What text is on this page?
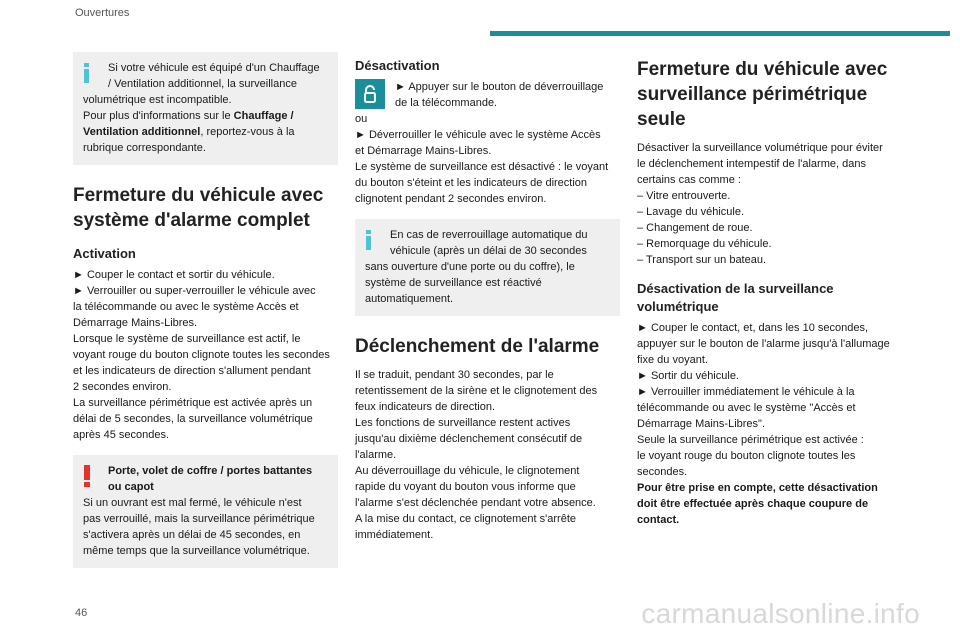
Ouvertures
Si votre véhicule est équipé d'un Chauffage
/ Ventilation additionnel, la surveillance
volumétrique est incompatible.
Pour plus d'informations sur le Chauffage /
Ventilation additionnel, reportez-vous à la
rubrique correspondante.
Fermeture du véhicule avec
système d'alarme complet
Activation
► Couper le contact et sortir du véhicule.
► Verrouiller ou super-verrouiller le véhicule avec
la télécommande ou avec le système Accès et
Démarrage Mains-Libres.
Lorsque le système de surveillance est actif, le
voyant rouge du bouton clignote toutes les secondes
et les indicateurs de direction s'allument pendant
2 secondes environ.
La surveillance périmétrique est activée après un
délai de 5 secondes, la surveillance volumétrique
après 45 secondes.
Porte, volet de coffre / portes battantes
ou capot
Si un ouvrant est mal fermé, le véhicule n'est
pas verrouillé, mais la surveillance périmétrique
s'activera après un délai de 45 secondes, en
même temps que la surveillance volumétrique.
Désactivation
► Appuyer sur le bouton de déverrouillage
de la télécommande.
ou
► Déverrouiller le véhicule avec le système Accès
et Démarrage Mains-Libres.
Le système de surveillance est désactivé : le voyant
du bouton s'éteint et les indicateurs de direction
clignotent pendant 2 secondes environ.
En cas de reverrouillage automatique du
véhicule (après un délai de 30 secondes
sans ouverture d'une porte ou du coffre), le
système de surveillance est réactivé
automatiquement.
Déclenchement de l'alarme
Il se traduit, pendant 30 secondes, par le
retentissement de la sirène et le clignotement des
feux indicateurs de direction.
Les fonctions de surveillance restent actives
jusqu'au dixième déclenchement consécutif de
l'alarme.
Au déverrouillage du véhicule, le clignotement
rapide du voyant du bouton vous informe que
l'alarme s'est déclenchée pendant votre absence.
A la mise du contact, ce clignotement s'arrête
immédiatement.
Fermeture du véhicule avec
surveillance périmétrique
seule
Désactiver la surveillance volumétrique pour éviter
le déclenchement intempestif de l'alarme, dans
certains cas comme :
– Vitre entrouverte.
– Lavage du véhicule.
– Changement de roue.
– Remorquage du véhicule.
– Transport sur un bateau.
Désactivation de la surveillance
volumétrique
► Couper le contact, et, dans les 10 secondes,
appuyer sur le bouton de l'alarme jusqu'à l'allumage
fixe du voyant.
► Sortir du véhicule.
► Verrouiller immédiatement le véhicule à la
télécommande ou avec le système "Accès et
Démarrage Mains-Libres".
Seule la surveillance périmétrique est activée :
le voyant rouge du bouton clignote toutes les
secondes.
Pour être prise en compte, cette désactivation
doit être effectuée après chaque coupure de
contact.
46	carmanualsonline.info
